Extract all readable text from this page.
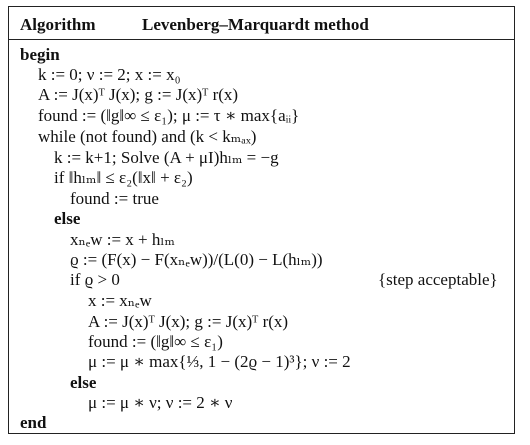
Algorithm	Levenberg–Marquardt method
begin
k := 0; ν := 2; x := x₀
A := J(x)ᵀ J(x); g := J(x)ᵀ r(x)
found := (‖g‖∞ ≤ ε₁); μ := τ ∗ max{aᵢᵢ}
while (not found) and (k < kₘₐₓ)
k := k+1; Solve (A + μI)hₗₘ = −g
if ‖hₗₘ‖ ≤ ε₂(‖x‖ + ε₂)
found := true
else
xₙₑw := x + hₗₘ
ϱ := (F(x) − F(xₙₑw))/(L(0) − L(hₗₘ))
if ϱ > 0	{step acceptable}
x := xₙₑw
A := J(x)ᵀ J(x); g := J(x)ᵀ r(x)
found := (‖g‖∞ ≤ ε₁)
μ := μ ∗ max{⅓, 1 − (2ϱ − 1)³}; ν := 2
else
μ := μ ∗ ν; ν := 2 ∗ ν
end
